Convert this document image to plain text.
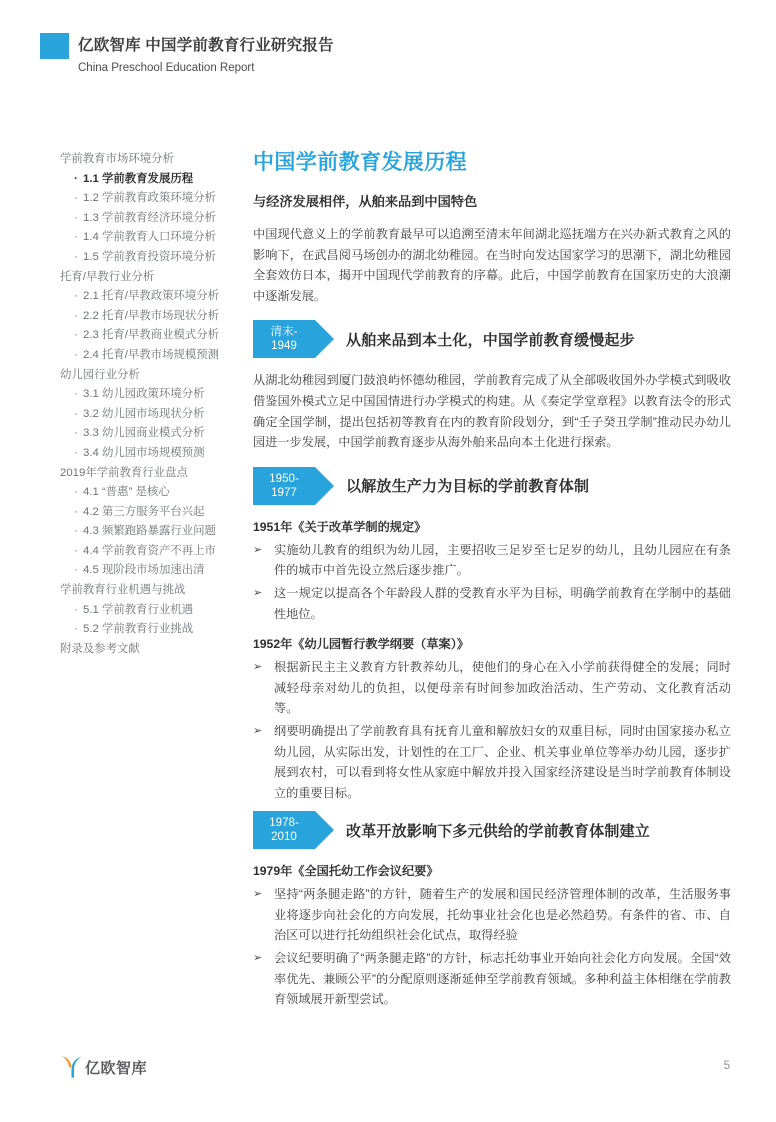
亿欧智库 中国学前教育行业研究报告
China Preschool Education Report
学前教育市场环境分析
· 1.1 学前教育发展历程
· 1.2 学前教育政策环境分析
· 1.3 学前教育经济环境分析
· 1.4 学前教育人口环境分析
· 1.5 学前教育投资环境分析
托育/早教行业分析
· 2.1 托育/早教政策环境分析
· 2.2 托育/早教市场现状分析
· 2.3 托育/早教商业模式分析
· 2.4 托育/早教市场规模预测
幼儿园行业分析
· 3.1 幼儿园政策环境分析
· 3.2 幼儿园市场现状分析
· 3.3 幼儿园商业模式分析
· 3.4 幼儿园市场规模预测
2019年学前教育行业盘点
· 4.1 “普惠” 是核心
· 4.2 第三方服务平台兴起
· 4.3 频繁跑路暴露行业问题
· 4.4 学前教育资产不再上市
· 4.5 现阶段市场加速出清
学前教育行业机遇与挑战
· 5.1 学前教育行业机遇
· 5.2 学前教育行业挑战
附录及参考文献
中国学前教育发展历程
与经济发展相伴，从舶来品到中国特色

中国现代意义上的学前教育最早可以追溯至清末年间湖北巡抚端方在兴办新式教育之风的影响下，在武昌阅马场创办的湖北幼稚园。在当时向发达国家学习的思潮下，湖北幼稚园全套效仿日本，揭开中国现代学前教育的序幕。此后，中国学前教育在国家历史的大浪潮中逐渐发展。

清末-
1949	从舶来品到本土化，中国学前教育缓慢起步

从湖北幼稚园到厦门鼓浪屿怀德幼稚园，学前教育完成了从全部吸收国外办学模式到吸收借鉴国外模式立足中国国情进行办学模式的构建。从《奏定学堂章程》以教育法令的形式确定全国学制，提出包括初等教育在内的教育阶段划分，到“壬子癸丑学制”推动民办幼儿园进一步发展，中国学前教育逐步从海外舶来品向本土化进行探索。

1950-
1977	以解放生产力为目标的学前教育体制
1951年《关于改革学制的规定》
➢ 实施幼儿教育的组织为幼儿园，主要招收三足岁至七足岁的幼儿，且幼儿园应在有条件的城市中首先设立然后逐步推广。
➢ 这一规定以提高各个年龄段人群的受教育水平为目标，明确学前教育在学制中的基础性地位。
1952年《幼儿园暂行教学纲要（草案）》
➢ 根据新民主主义教育方针教养幼儿，使他们的身心在入小学前获得健全的发展；同时减轻母亲对幼儿的负担，以便母亲有时间参加政治活动、生产劳动、文化教育活动等。
➢ 纲要明确提出了学前教育具有抚育儿童和解放妇女的双重目标，同时由国家接办私立幼儿园，从实际出发，计划性的在工厂、企业、机关事业单位等举办幼儿园，逐步扩展到农村，可以看到将女性从家庭中解放并投入国家经济建设是当时学前教育体制设立的重要目标。
1978-
2010	改革开放影响下多元供给的学前教育体制建立
1979年《全国托幼工作会议纪要》
➢ 坚持“两条腿走路”的方针，随着生产的发展和国民经济管理体制的改革，生活服务事业将逐步向社会化的方向发展，托幼事业社会化也是必然趋势。有条件的省、市、自治区可以进行托幼组织社会化试点，取得经验
➢ 会议纪要明确了“两条腿走路”的方针，标志托幼事业开始向社会化方向发展。全国“效率优先、兼顾公平”的分配原则逐渐延伸至学前教育领域。多种利益主体相继在学前教育领域展开新型尝试。
亿欧智库	5
